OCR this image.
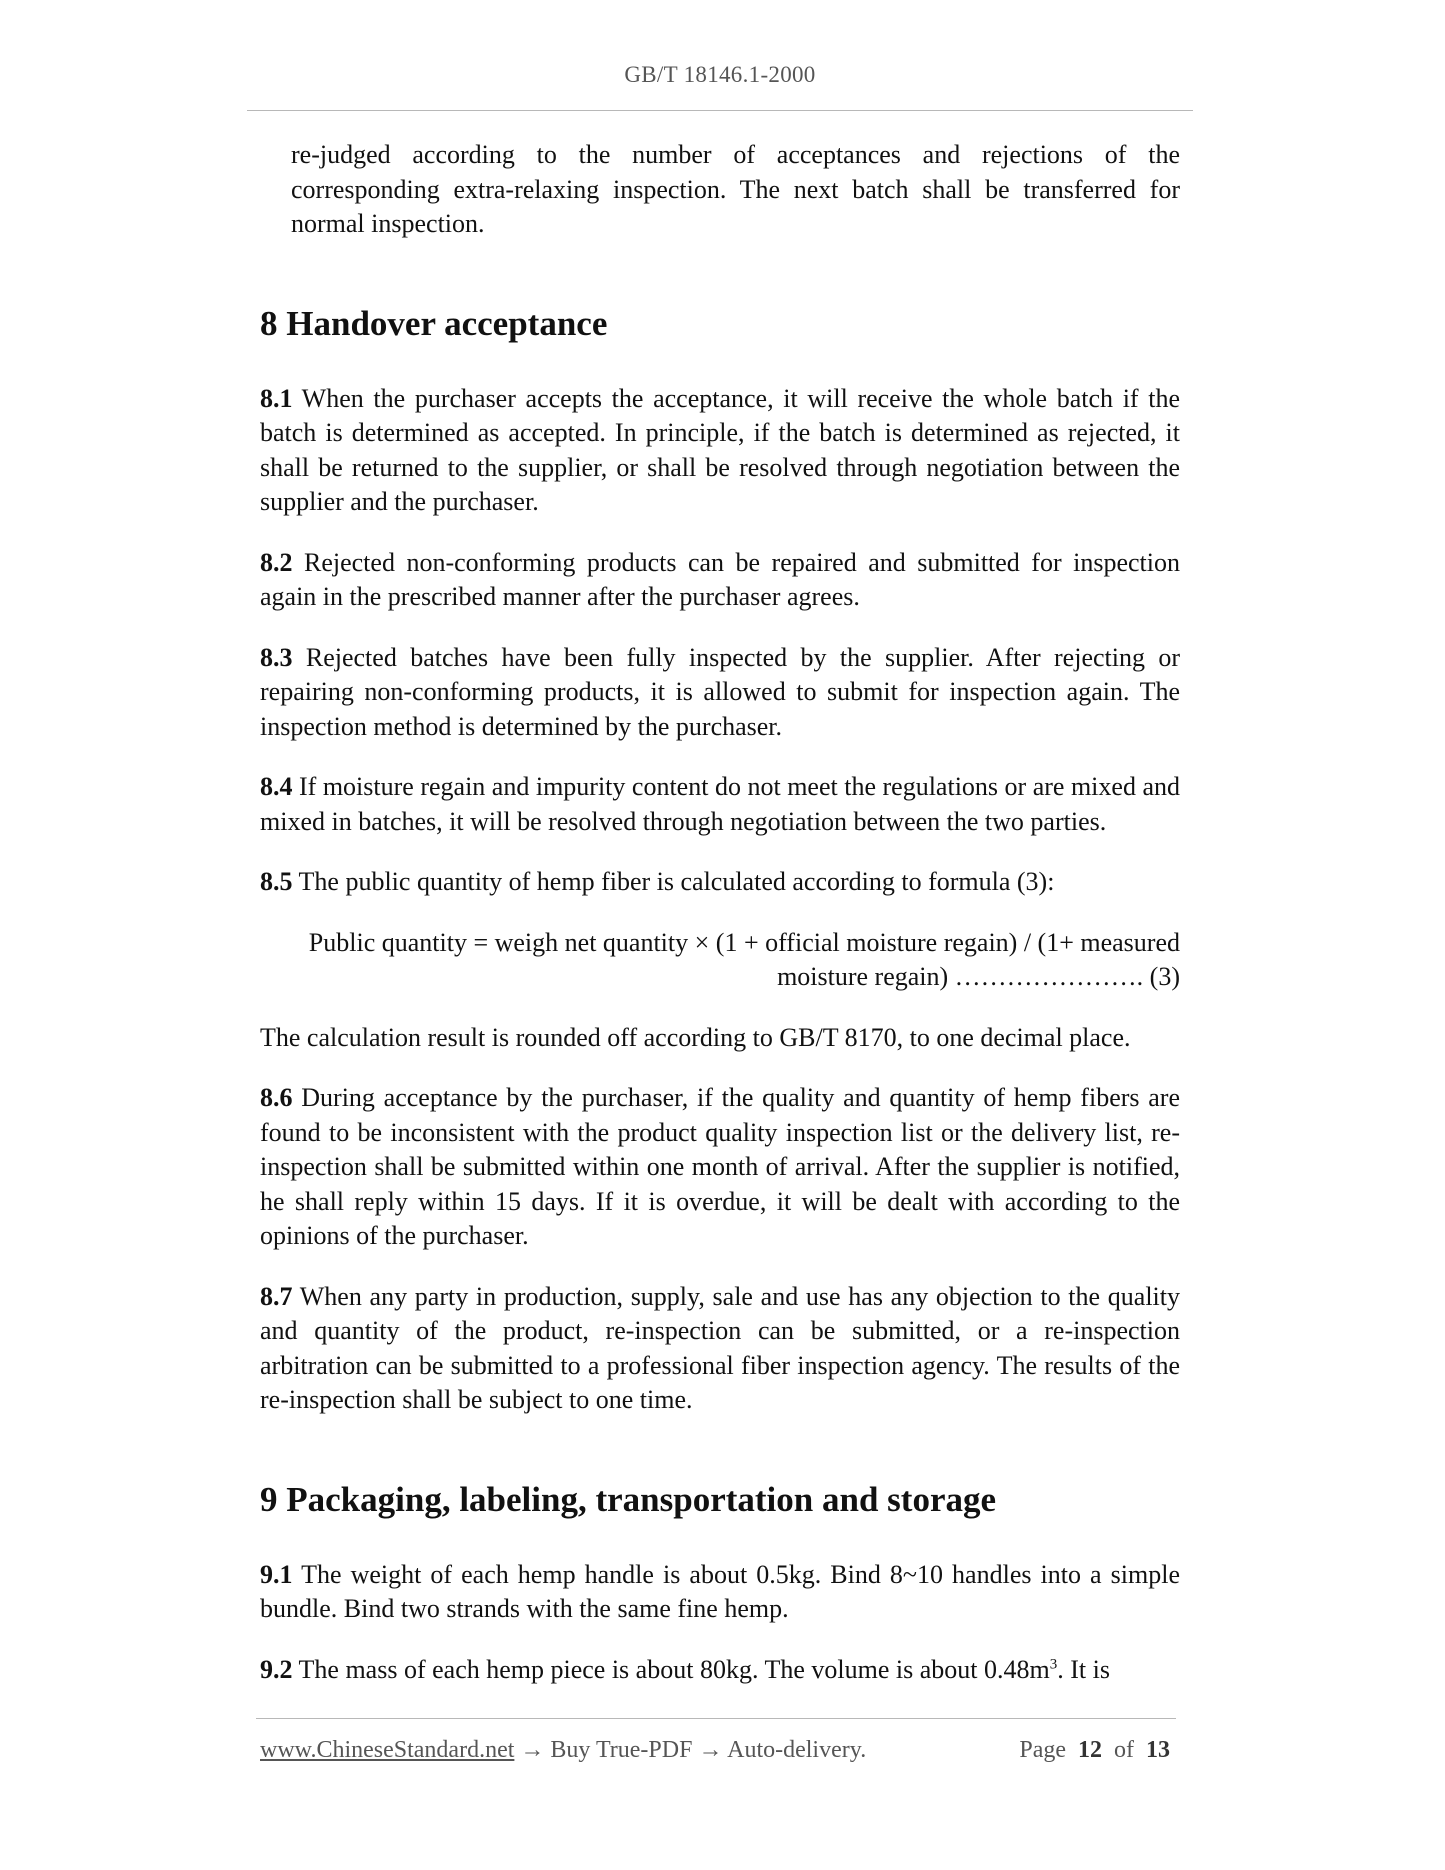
GB/T 18146.1-2000

re-judged according to the number of acceptances and rejections of the corresponding extra-relaxing inspection. The next batch shall be transferred for normal inspection.

8 Handover acceptance

8.1 When the purchaser accepts the acceptance, it will receive the whole batch if the batch is determined as accepted. In principle, if the batch is determined as rejected, it shall be returned to the supplier, or shall be resolved through negotiation between the supplier and the purchaser.

8.2 Rejected non-conforming products can be repaired and submitted for inspection again in the prescribed manner after the purchaser agrees.

8.3 Rejected batches have been fully inspected by the supplier. After rejecting or repairing non-conforming products, it is allowed to submit for inspection again. The inspection method is determined by the purchaser.

8.4 If moisture regain and impurity content do not meet the regulations or are mixed and mixed in batches, it will be resolved through negotiation between the two parties.

8.5 The public quantity of hemp fiber is calculated according to formula (3):

Public quantity = weigh net quantity × (1 + official moisture regain) / (1+ measured
moisture regain) …………………. (3)

The calculation result is rounded off according to GB/T 8170, to one decimal place.

8.6 During acceptance by the purchaser, if the quality and quantity of hemp fibers are found to be inconsistent with the product quality inspection list or the delivery list, re-inspection shall be submitted within one month of arrival. After the supplier is notified, he shall reply within 15 days. If it is overdue, it will be dealt with according to the opinions of the purchaser.

8.7 When any party in production, supply, sale and use has any objection to the quality and quantity of the product, re-inspection can be submitted, or a re-inspection arbitration can be submitted to a professional fiber inspection agency. The results of the re-inspection shall be subject to one time.

9 Packaging, labeling, transportation and storage

9.1 The weight of each hemp handle is about 0.5kg. Bind 8~10 handles into a simple bundle. Bind two strands with the same fine hemp.

9.2 The mass of each hemp piece is about 80kg. The volume is about $0.48m^3$. It is

www.ChineseStandard.net → Buy True-PDF → Auto-delivery.	Page 12 of 13
